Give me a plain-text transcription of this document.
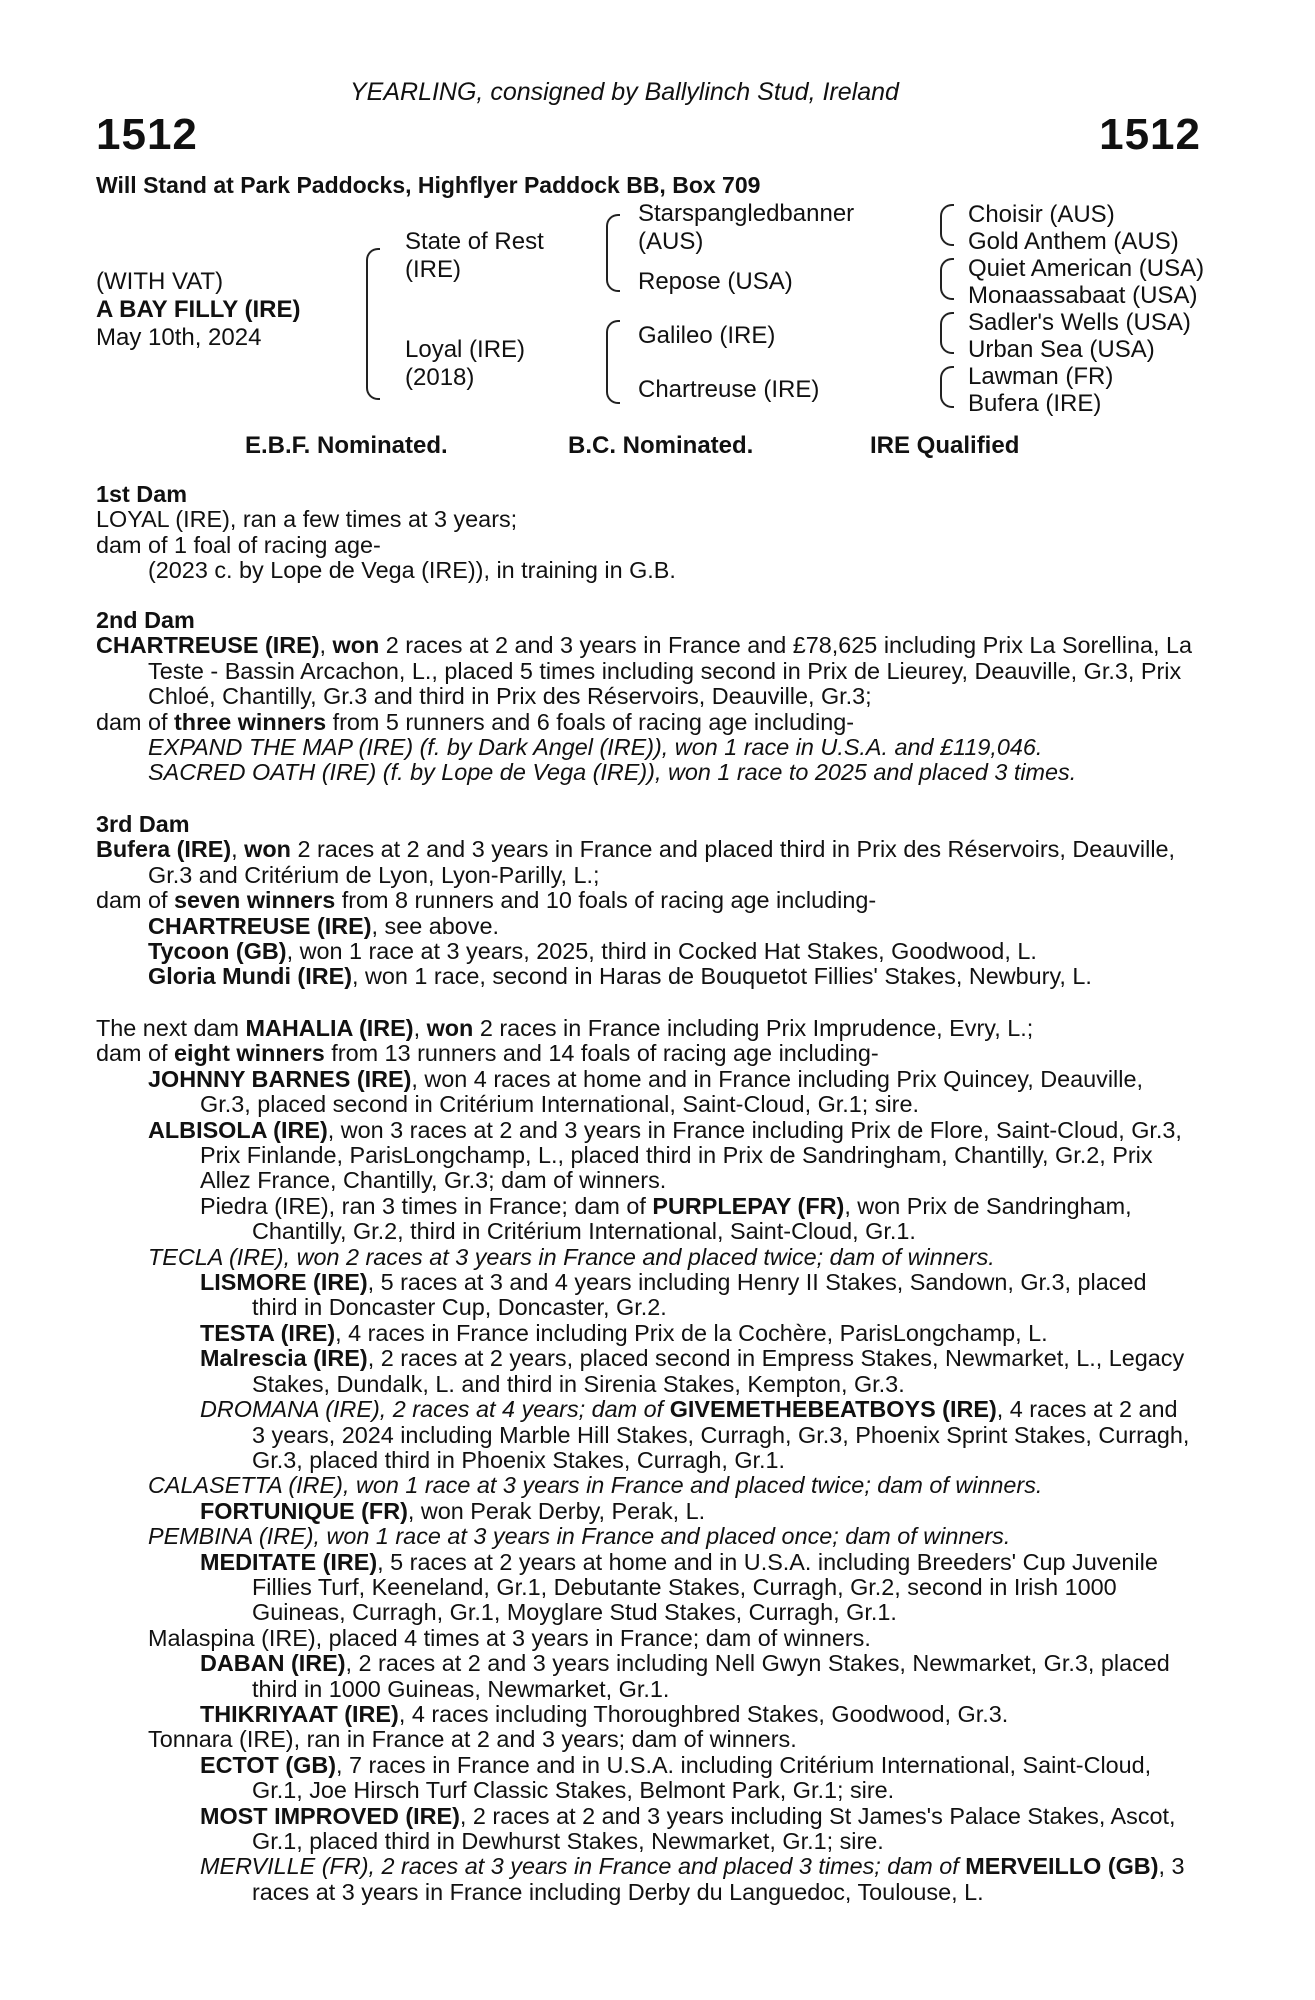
YEARLING, consigned by Ballylinch Stud, Ireland
1512	1512
Will Stand at Park Paddocks, Highflyer Paddock BB, Box 709
(WITH VAT)
A BAY FILLY (IRE)
May 10th, 2024
State of Rest (IRE)
Loyal (IRE) (2018)
Starspangledbanner (AUS)
Repose (USA)
Galileo (IRE)
Chartreuse (IRE)
Choisir (AUS)
Gold Anthem (AUS)
Quiet American (USA)
Monaassabaat (USA)
Sadler's Wells (USA)
Urban Sea (USA)
Lawman (FR)
Bufera (IRE)
E.B.F. Nominated.	B.C. Nominated.	IRE Qualified

1st Dam

LOYAL (IRE), ran a few times at 3 years;

dam of 1 foal of racing age-

(2023 c. by Lope de Vega (IRE)), in training in G.B.

2nd Dam

CHARTREUSE (IRE), won 2 races at 2 and 3 years in France and £78,625 including Prix La Sorellina, La Teste - Bassin Arcachon, L., placed 5 times including second in Prix de Lieurey, Deauville, Gr.3, Prix Chloé, Chantilly, Gr.3 and third in Prix des Réservoirs, Deauville, Gr.3;

dam of three winners from 5 runners and 6 foals of racing age including-

EXPAND THE MAP (IRE) (f. by Dark Angel (IRE)), won 1 race in U.S.A. and £119,046.

SACRED OATH (IRE) (f. by Lope de Vega (IRE)), won 1 race to 2025 and placed 3 times.

3rd Dam

Bufera (IRE), won 2 races at 2 and 3 years in France and placed third in Prix des Réservoirs, Deauville, Gr.3 and Critérium de Lyon, Lyon-Parilly, L.;

dam of seven winners from 8 runners and 10 foals of racing age including-

CHARTREUSE (IRE), see above.

Tycoon (GB), won 1 race at 3 years, 2025, third in Cocked Hat Stakes, Goodwood, L.

Gloria Mundi (IRE), won 1 race, second in Haras de Bouquetot Fillies' Stakes, Newbury, L.

The next dam MAHALIA (IRE), won 2 races in France including Prix Imprudence, Evry, L.;

dam of eight winners from 13 runners and 14 foals of racing age including-

JOHNNY BARNES (IRE), won 4 races at home and in France including Prix Quincey, Deauville, Gr.3, placed second in Critérium International, Saint-Cloud, Gr.1; sire.

ALBISOLA (IRE), won 3 races at 2 and 3 years in France including Prix de Flore, Saint-Cloud, Gr.3, Prix Finlande, ParisLongchamp, L., placed third in Prix de Sandringham, Chantilly, Gr.2, Prix Allez France, Chantilly, Gr.3; dam of winners.

Piedra (IRE), ran 3 times in France; dam of PURPLEPAY (FR), won Prix de Sandringham, Chantilly, Gr.2, third in Critérium International, Saint-Cloud, Gr.1.

TECLA (IRE), won 2 races at 3 years in France and placed twice; dam of winners.

LISMORE (IRE), 5 races at 3 and 4 years including Henry II Stakes, Sandown, Gr.3, placed third in Doncaster Cup, Doncaster, Gr.2.

TESTA (IRE), 4 races in France including Prix de la Cochère, ParisLongchamp, L.

Malrescia (IRE), 2 races at 2 years, placed second in Empress Stakes, Newmarket, L., Legacy Stakes, Dundalk, L. and third in Sirenia Stakes, Kempton, Gr.3.

DROMANA (IRE), 2 races at 4 years; dam of GIVEMETHEBEATBOYS (IRE), 4 races at 2 and 3 years, 2024 including Marble Hill Stakes, Curragh, Gr.3, Phoenix Sprint Stakes, Curragh, Gr.3, placed third in Phoenix Stakes, Curragh, Gr.1.

CALASETTA (IRE), won 1 race at 3 years in France and placed twice; dam of winners.

FORTUNIQUE (FR), won Perak Derby, Perak, L.

PEMBINA (IRE), won 1 race at 3 years in France and placed once; dam of winners.

MEDITATE (IRE), 5 races at 2 years at home and in U.S.A. including Breeders' Cup Juvenile Fillies Turf, Keeneland, Gr.1, Debutante Stakes, Curragh, Gr.2, second in Irish 1000 Guineas, Curragh, Gr.1, Moyglare Stud Stakes, Curragh, Gr.1.

Malaspina (IRE), placed 4 times at 3 years in France; dam of winners.

DABAN (IRE), 2 races at 2 and 3 years including Nell Gwyn Stakes, Newmarket, Gr.3, placed third in 1000 Guineas, Newmarket, Gr.1.

THIKRIYAAT (IRE), 4 races including Thoroughbred Stakes, Goodwood, Gr.3.

Tonnara (IRE), ran in France at 2 and 3 years; dam of winners.

ECTOT (GB), 7 races in France and in U.S.A. including Critérium International, Saint-Cloud, Gr.1, Joe Hirsch Turf Classic Stakes, Belmont Park, Gr.1; sire.

MOST IMPROVED (IRE), 2 races at 2 and 3 years including St James's Palace Stakes, Ascot, Gr.1, placed third in Dewhurst Stakes, Newmarket, Gr.1; sire.

MERVILLE (FR), 2 races at 3 years in France and placed 3 times; dam of MERVEILLO (GB), 3 races at 3 years in France including Derby du Languedoc, Toulouse, L.
